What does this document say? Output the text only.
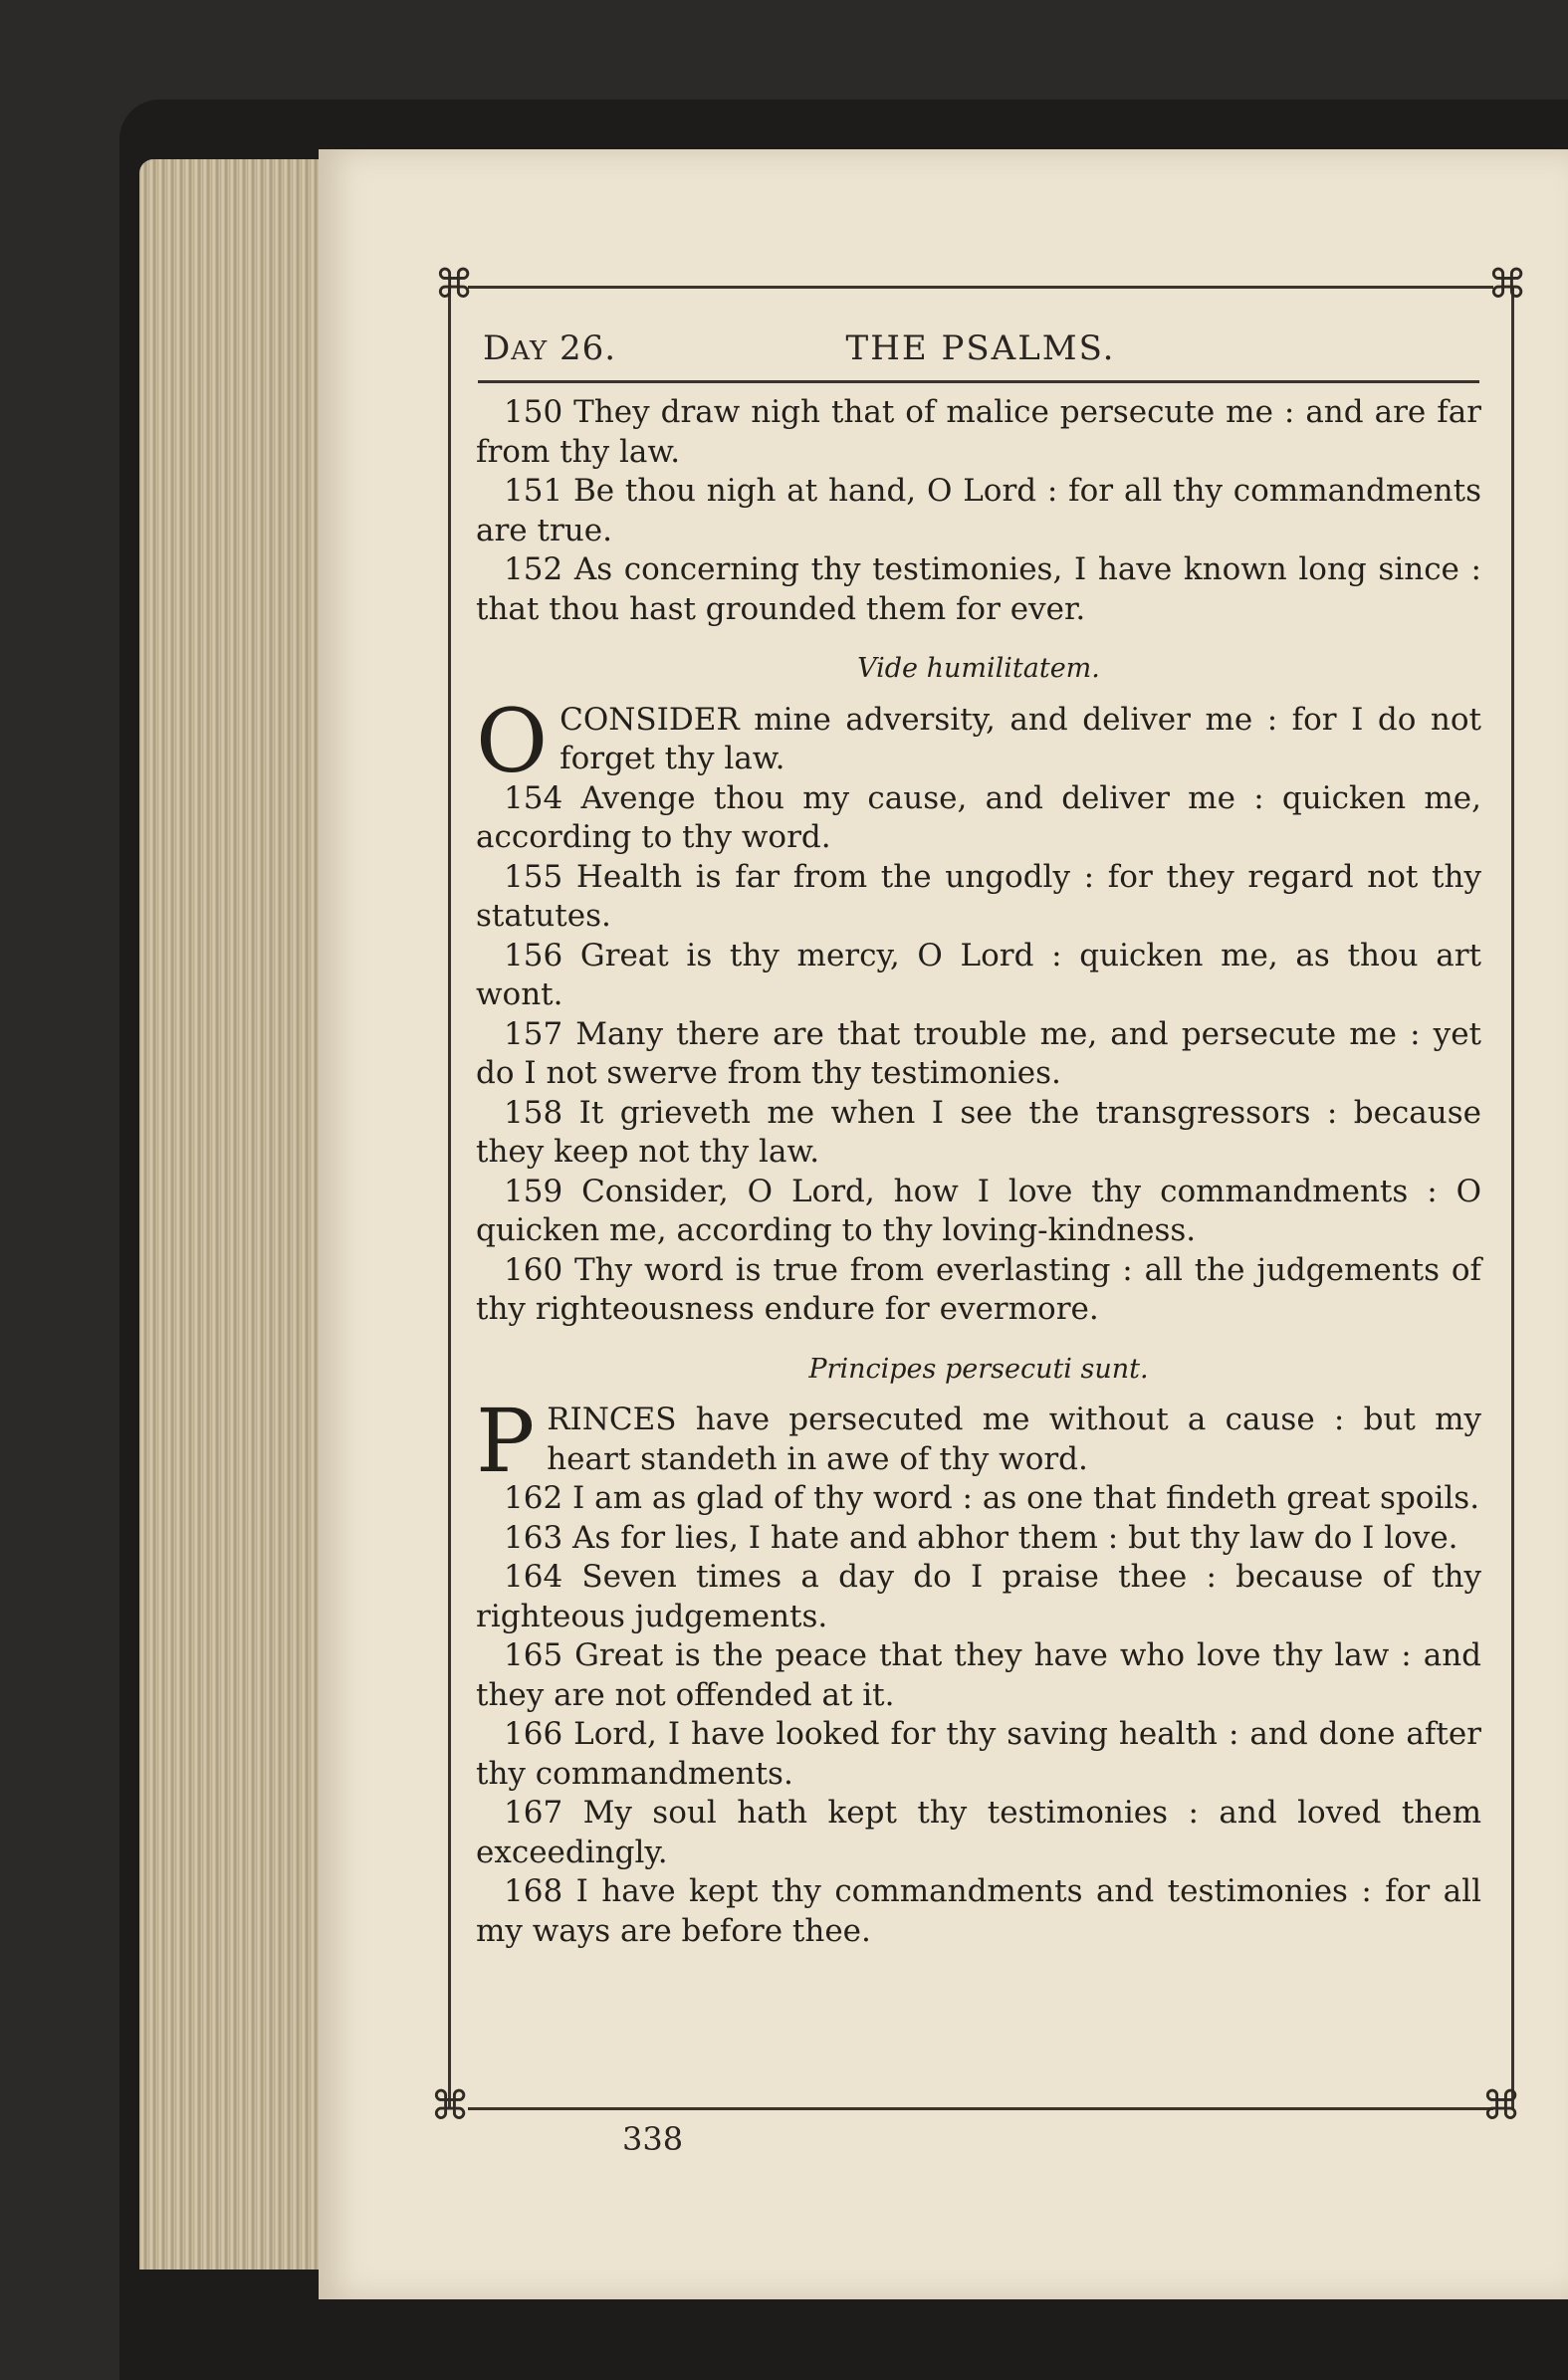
⌘	⌘
⌘	⌘
DAY 26.	THE PSALMS.

150 They draw nigh that of malice persecute me : and are far from thy law.

151 Be thou nigh at hand, O Lord : for all thy commandments are true.

152 As concerning thy testimonies, I have known long since : that thou hast grounded them for ever.

Vide humilitatem.

OCONSIDER mine adversity, and deliver me : for I do not forget thy law.

154 Avenge thou my cause, and deliver me : quicken me, according to thy word.

155 Health is far from the ungodly : for they regard not thy statutes.

156 Great is thy mercy, O Lord : quicken me, as thou art wont.

157 Many there are that trouble me, and persecute me : yet do I not swerve from thy testimonies.

158 It grieveth me when I see the transgressors : because they keep not thy law.

159 Consider, O Lord, how I love thy commandments : O quicken me, according to thy loving-kindness.

160 Thy word is true from everlasting : all the judgements of thy righteousness endure for evermore.

Principes persecuti sunt.

PRINCES have persecuted me without a cause : but my heart standeth in awe of thy word.

162 I am as glad of thy word : as one that findeth great spoils.

163 As for lies, I hate and abhor them : but thy law do I love.

164 Seven times a day do I praise thee : because of thy righteous judgements.

165 Great is the peace that they have who love thy law : and they are not offended at it.

166 Lord, I have looked for thy saving health : and done after thy commandments.

167 My soul hath kept thy testimonies : and loved them exceedingly.

168 I have kept thy commandments and testimonies : for all my ways are before thee.

338
